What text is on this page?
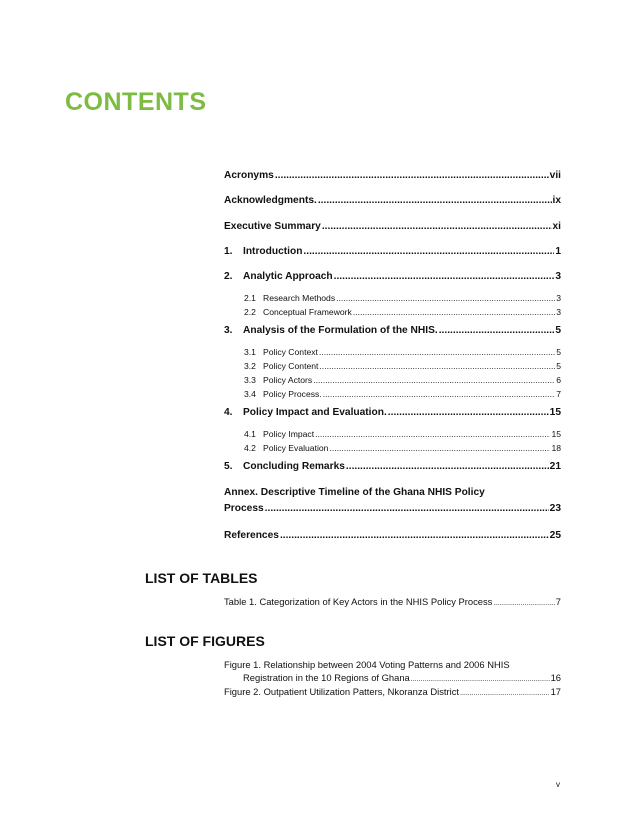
CONTENTS
Acronyms .....	vii
Acknowledgments. .....	ix
Executive Summary .....	xi
1.	Introduction .....	1
2.	Analytic Approach .....	3
2.1 Research Methods .....	3
2.2 Conceptual Framework .....	3
3.	Analysis of the Formulation of the NHIS. .....	5
3.1 Policy Context .....	5
3.2 Policy Content .....	5
3.3 Policy Actors .....	6
3.4 Policy Process. .....	7
4.	Policy Impact and Evaluation. .....	15
4.1 Policy Impact .....	15
4.2 Policy Evaluation .....	18
5.	Concluding Remarks .....	21
Annex. Descriptive Timeline of the Ghana NHIS Policy
Process .....	23
References .....	25
LIST OF TABLES
Table 1. Categorization of Key Actors in the NHIS Policy Process .....	7
LIST OF FIGURES
Figure 1. Relationship between 2004 Voting Patterns and 2006 NHIS
Registration in the 10 Regions of Ghana .....	16
Figure 2. Outpatient Utilization Patters, Nkoranza District .....	17
v
